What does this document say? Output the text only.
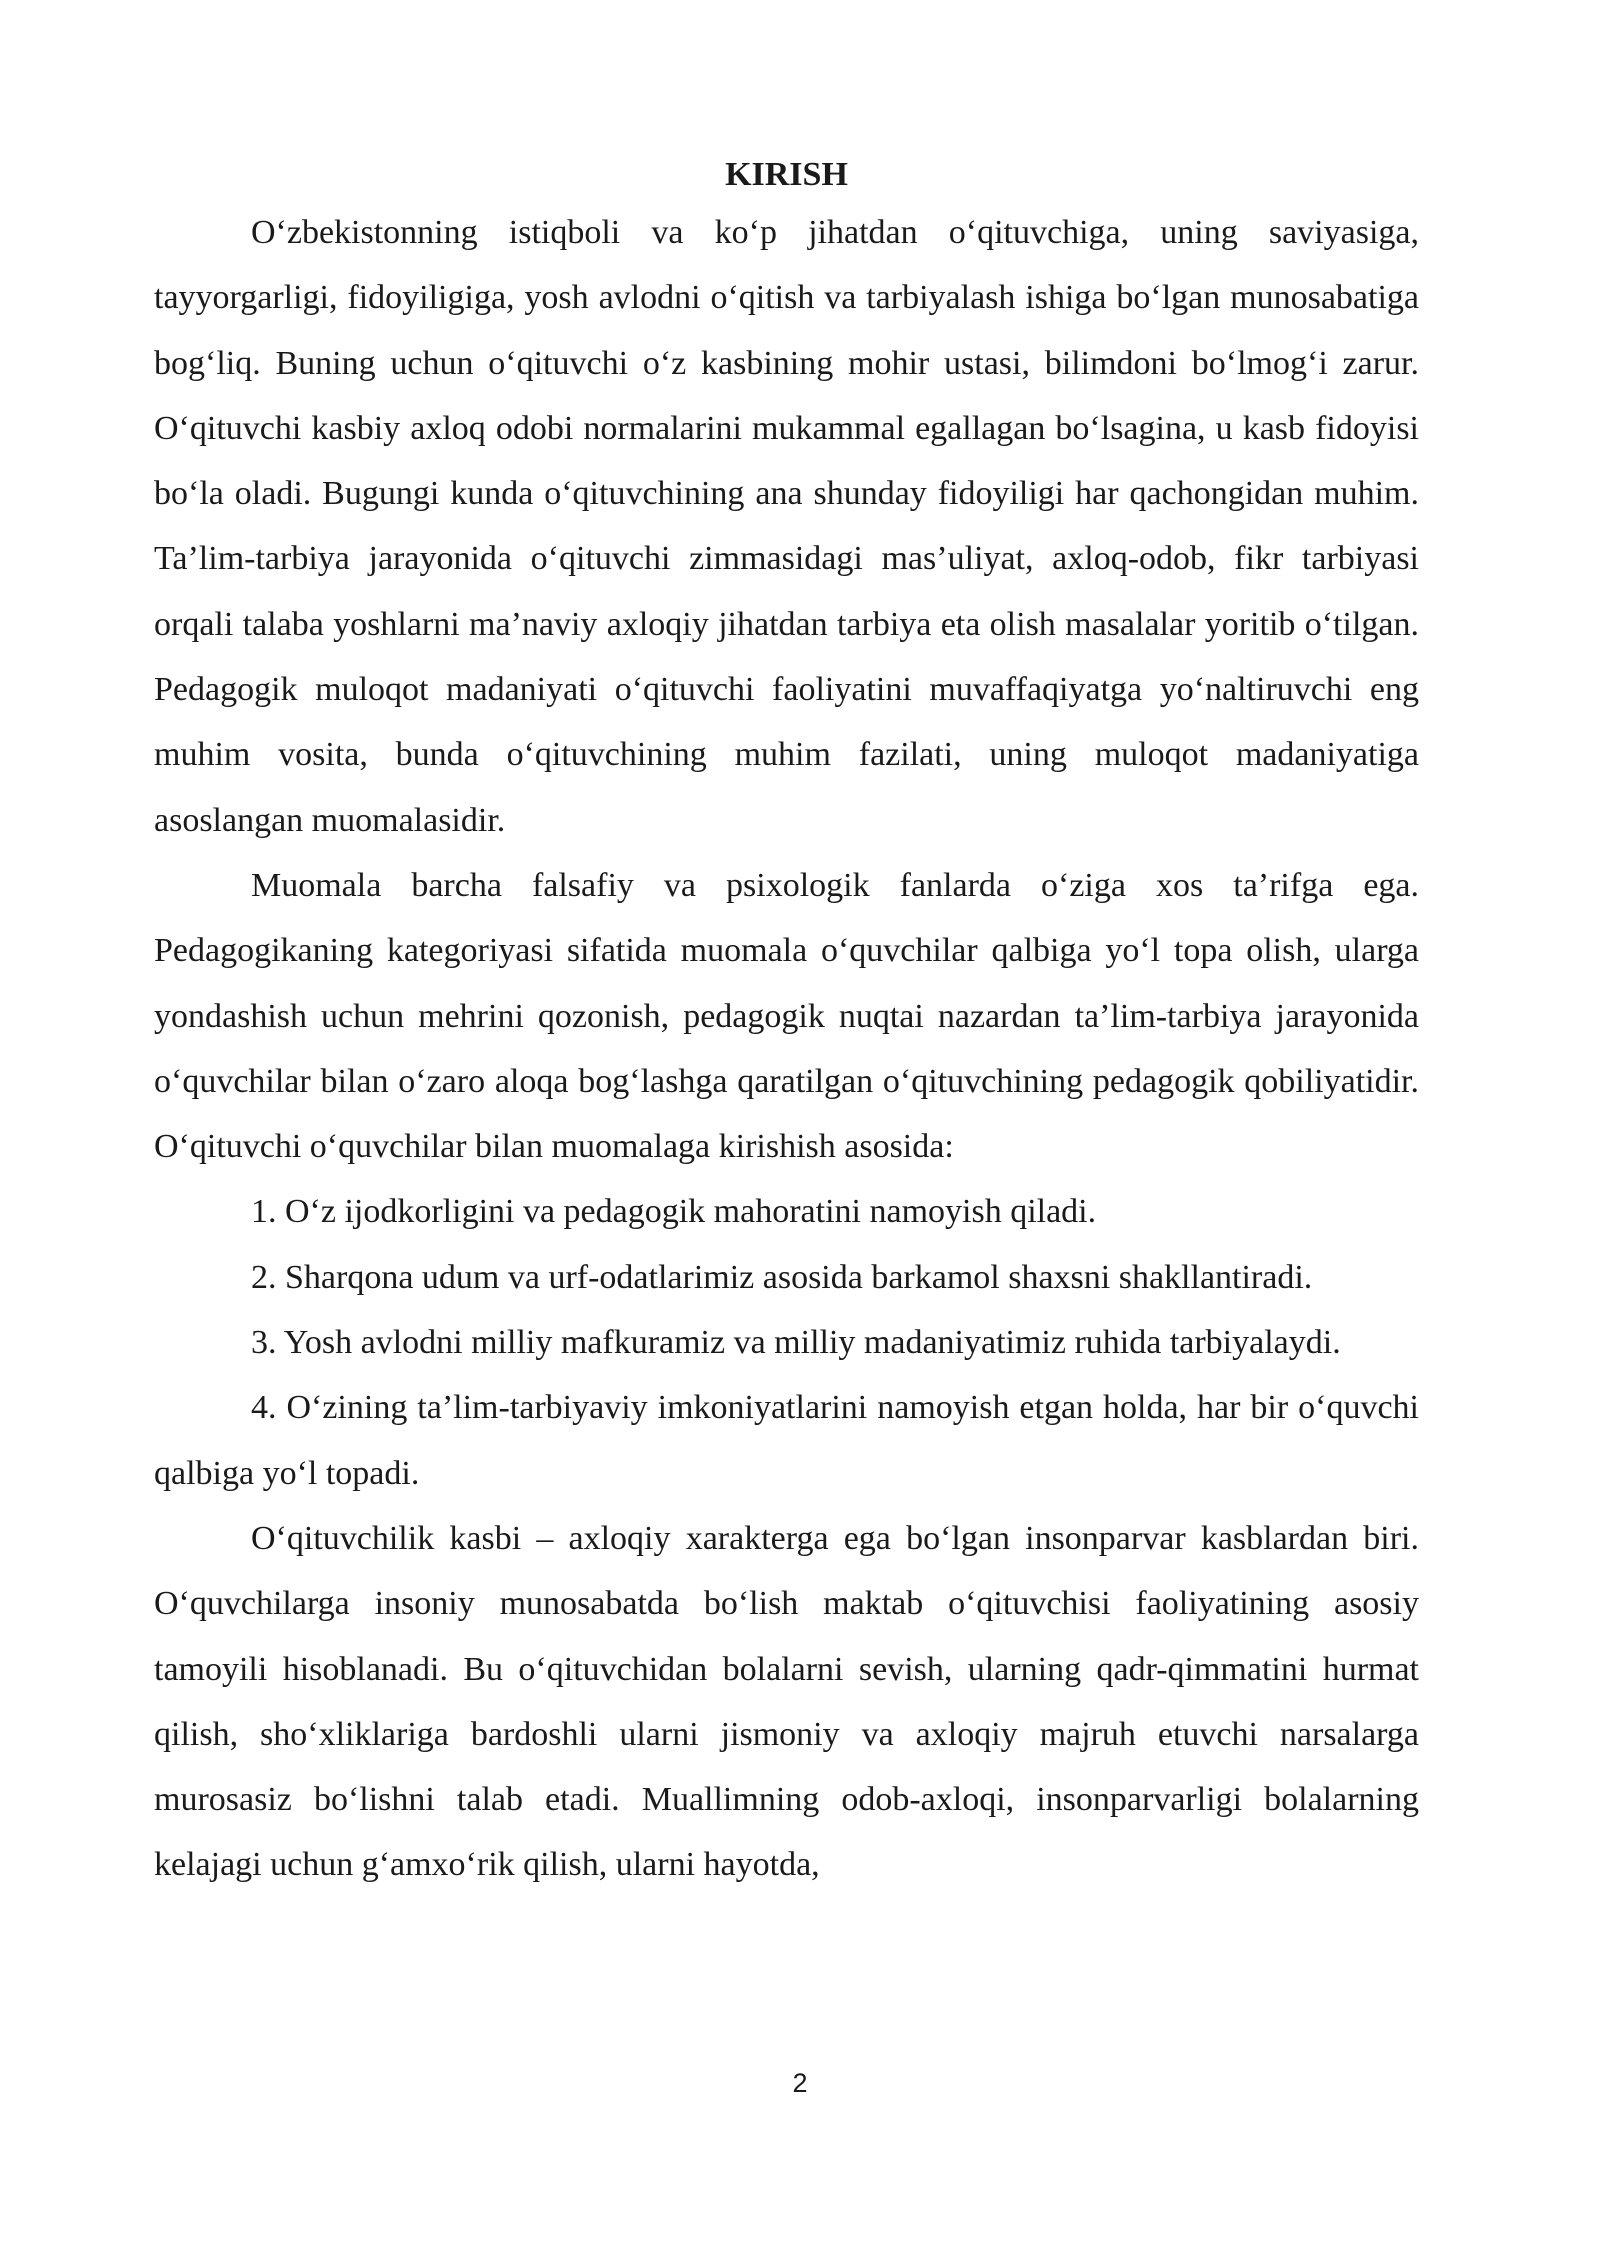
KIRISH

O‘zbekistonning istiqboli va ko‘p jihatdan o‘qituvchiga, uning saviyasiga, tayyorgarligi, fidoyiligiga, yosh avlodni o‘qitish va tarbiyalash ishiga bo‘lgan munosabatiga bog‘liq. Buning uchun o‘qituvchi o‘z kasbining mohir ustasi, bilimdoni bo‘lmog‘i zarur. O‘qituvchi kasbiy axloq odobi normalarini mukammal egallagan bo‘lsagina, u kasb fidoyisi bo‘la oladi. Bugungi kunda o‘qituvchining ana shunday fidoyiligi har qachongidan muhim. Ta’lim-tarbiya jarayonida o‘qituvchi zimmasidagi mas’uliyat, axloq-odob, fikr tarbiyasi orqali talaba yoshlarni ma’naviy axloqiy jihatdan tarbiya eta olish masalalar yoritib o‘tilgan. Pedagogik muloqot madaniyati o‘qituvchi faoliyatini muvaffaqiyatga yo‘naltiruvchi eng muhim vosita, bunda o‘qituvchining muhim fazilati, uning muloqot madaniyatiga asoslangan muomalasidir.

Muomala barcha falsafiy va psixologik fanlarda o‘ziga xos ta’rifga ega. Pedagogikaning kategoriyasi sifatida muomala o‘quvchilar qalbiga yo‘l topa olish, ularga yondashish uchun mehrini qozonish, pedagogik nuqtai nazardan ta’lim-tarbiya jarayonida o‘quvchilar bilan o‘zaro aloqa bog‘lashga qaratilgan o‘qituvchining pedagogik qobiliyatidir. O‘qituvchi o‘quvchilar bilan muomalaga kirishish asosida:

1. O‘z ijodkorligini va pedagogik mahoratini namoyish qiladi.

2. Sharqona udum va urf-odatlarimiz asosida barkamol shaxsni shakllantiradi.

3. Yosh avlodni milliy mafkuramiz va milliy madaniyatimiz ruhida tarbiyalaydi.

4. O‘zining ta’lim-tarbiyaviy imkoniyatlarini namoyish etgan holda, har bir o‘quvchi qalbiga yo‘l topadi.

O‘qituvchilik kasbi – axloqiy xarakterga ega bo‘lgan insonparvar kasblardan biri. O‘quvchilarga insoniy munosabatda bo‘lish maktab o‘qituvchisi faoliyatining asosiy tamoyili hisoblanadi. Bu o‘qituvchidan bolalarni sevish, ularning qadr-qimmatini hurmat qilish, sho‘xliklariga bardoshli ularni jismoniy va axloqiy majruh etuvchi narsalarga murosasiz bo‘lishni talab etadi. Muallimning odob-axloqi, insonparvarligi bolalarning kelajagi uchun g‘amxo‘rik qilish, ularni hayotda,

2
